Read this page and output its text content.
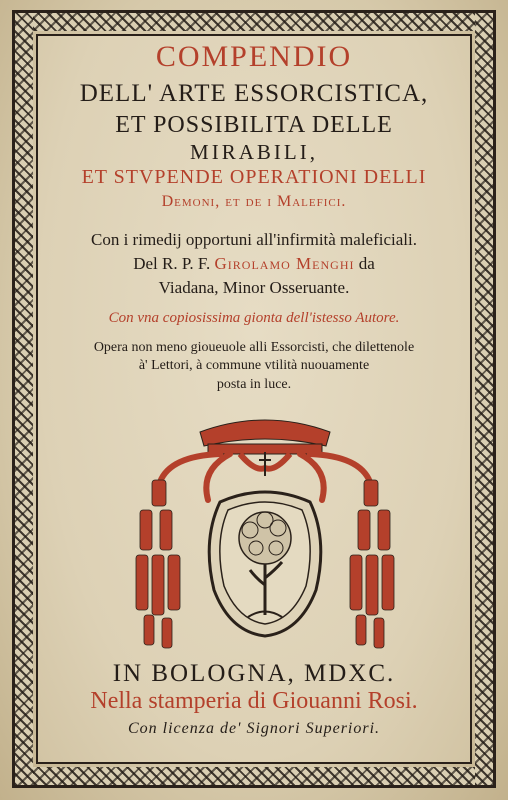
COMPENDIO
DELL' ARTE ESSORCISTICA,
ET POSSIBILITA DELLE
MIRABILI,
ET STVPENDE OPERATIONI DELLI
Demoni, et de i Malefici.
Con i rimedij opportuni all'infirmità maleficiali.
Del R. P. F. Girolamo Menghi da
Viadana, Minor Osseruante.
Con vna copiosissima gionta dell'istesso Autore.
Opera non meno gioueuole alli Essorcisti, che dilettenole
à' Lettori, à commune vtilità nuouamente
posta in luce.
IN BOLOGNA, MDXC.
Nella stamperia di Giouanni Rosi.
Con licenza de' Signori Superiori.
